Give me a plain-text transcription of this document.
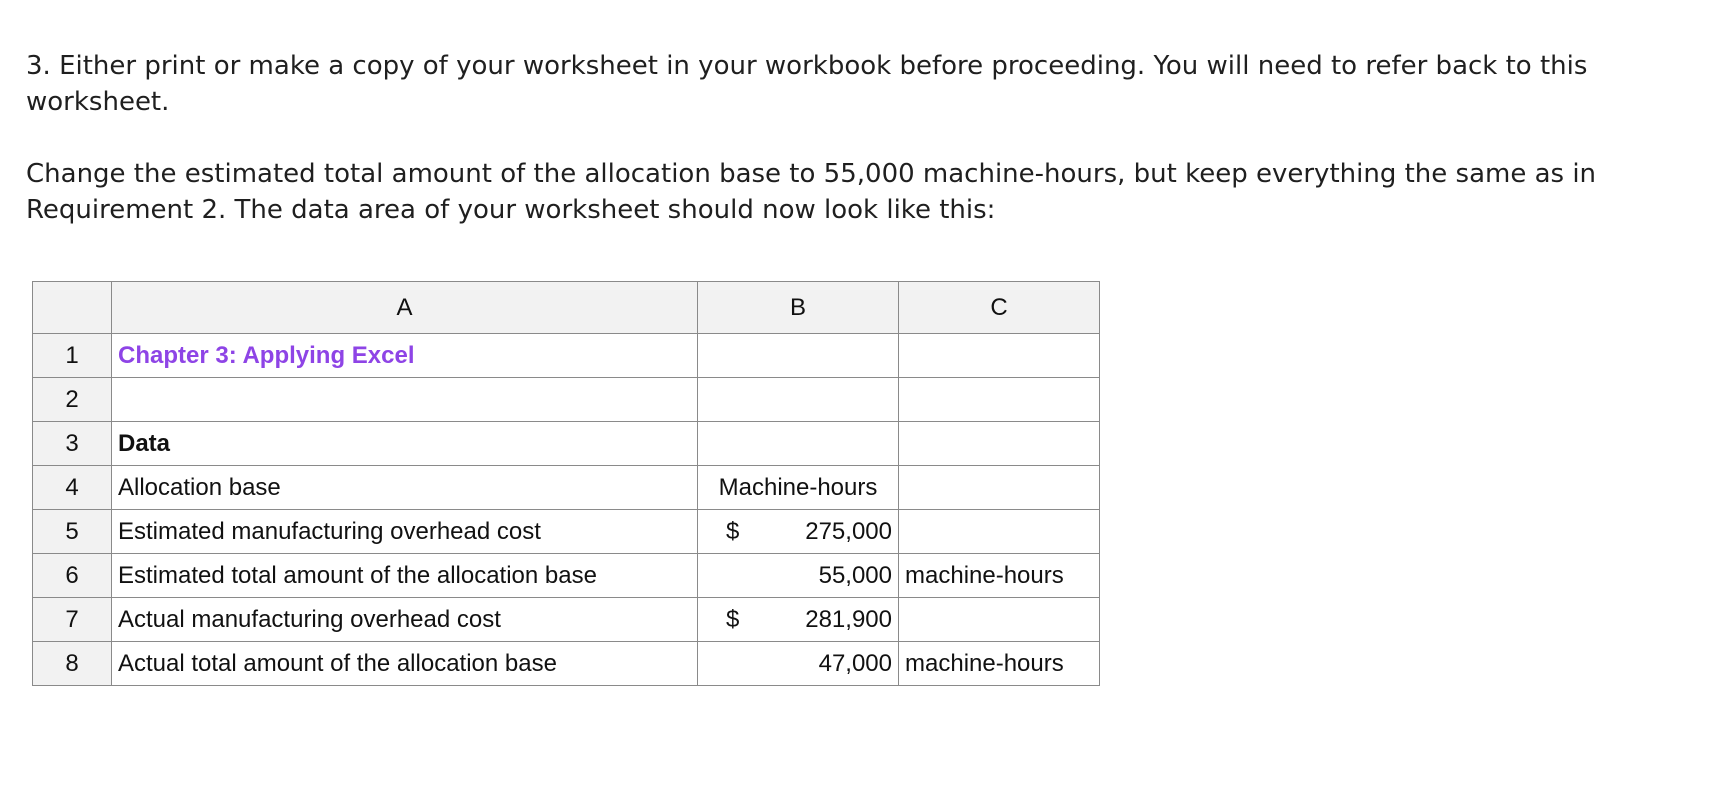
3. Either print or make a copy of your worksheet in your workbook before proceeding. You will need to refer back to this worksheet.

Change the estimated total amount of the allocation base to 55,000 machine-hours, but keep everything the same as in Requirement 2. The data area of your worksheet should now look like this:

	A	B	C
1	Chapter 3: Applying Excel		
2			
3	Data		
4	Allocation base	Machine-hours	
5	Estimated manufacturing overhead cost	$ 275,000	

6	Estimated total amount of the allocation base	55,000	machine-hours
7	Actual manufacturing overhead cost	$ 281,900	

8	Actual total amount of the allocation base	47,000	machine-hours
